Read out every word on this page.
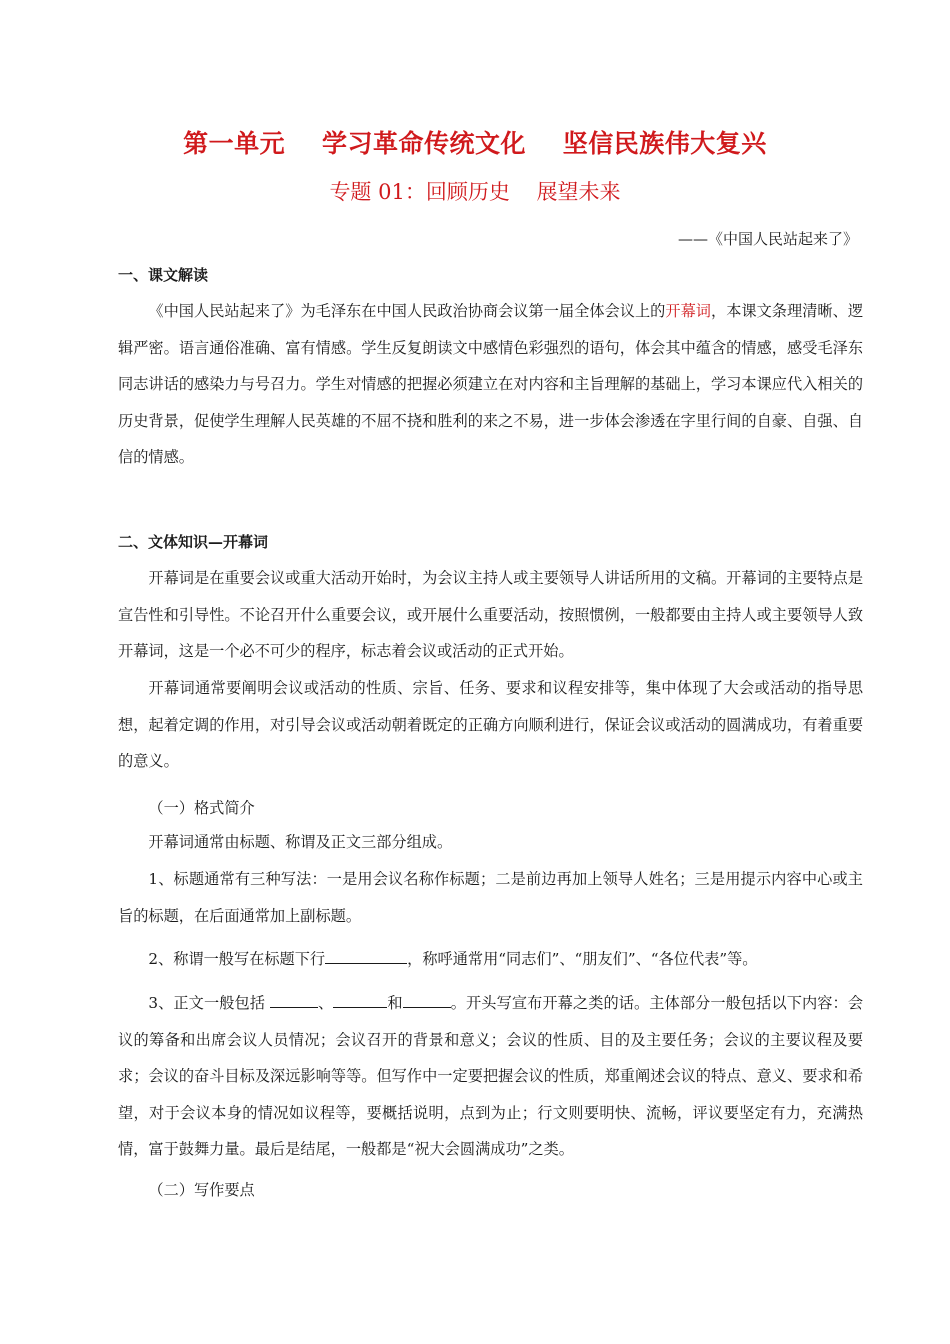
第一单元    学习革命传统文化    坚信民族伟大复兴
专题 01：回顾历史    展望未来
——《中国人民站起来了》
一、课文解读
《中国人民站起来了》为毛泽东在中国人民政治协商会议第一届全体会议上的开幕词，本课文条理清晰、逻辑严密。语言通俗准确、富有情感。学生反复朗读文中感情色彩强烈的语句，体会其中蕴含的情感，感受毛泽东同志讲话的感染力与号召力。学生对情感的把握必须建立在对内容和主旨理解的基础上，学习本课应代入相关的历史背景，促使学生理解人民英雄的不屈不挠和胜利的来之不易，进一步体会渗透在字里行间的自豪、自强、自信的情感。
二、文体知识—开幕词
开幕词是在重要会议或重大活动开始时，为会议主持人或主要领导人讲话所用的文稿。开幕词的主要特点是宣告性和引导性。不论召开什么重要会议，或开展什么重要活动，按照惯例，一般都要由主持人或主要领导人致开幕词，这是一个必不可少的程序，标志着会议或活动的正式开始。
开幕词通常要阐明会议或活动的性质、宗旨、任务、要求和议程安排等，集中体现了大会或活动的指导思想，起着定调的作用，对引导会议或活动朝着既定的正确方向顺利进行，保证会议或活动的圆满成功，有着重要的意义。
（一）格式简介
开幕词通常由标题、称谓及正文三部分组成。
1、标题通常有三种写法：一是用会议名称作标题；二是前边再加上领导人姓名；三是用提示内容中心或主旨的标题，在后面通常加上副标题。
2、称谓一般写在标题下行	，称呼通常用“同志们”、“朋友们”、“各位代表”等。
3、正文一般包括	、	和	。开头写宣布开幕之类的话。主体部分一般包括以下内容：会议的筹备和出席会议人员情况；会议召开的背景和意义；会议的性质、目的及主要任务；会议的主要议程及要求；会议的奋斗目标及深远影响等等。但写作中一定要把握会议的性质，郑重阐述会议的特点、意义、要求和希望，对于会议本身的情况如议程等，要概括说明，点到为止；行文则要明快、流畅，评议要坚定有力，充满热情，富于鼓舞力量。最后是结尾，一般都是“祝大会圆满成功”之类。
（二）写作要点
